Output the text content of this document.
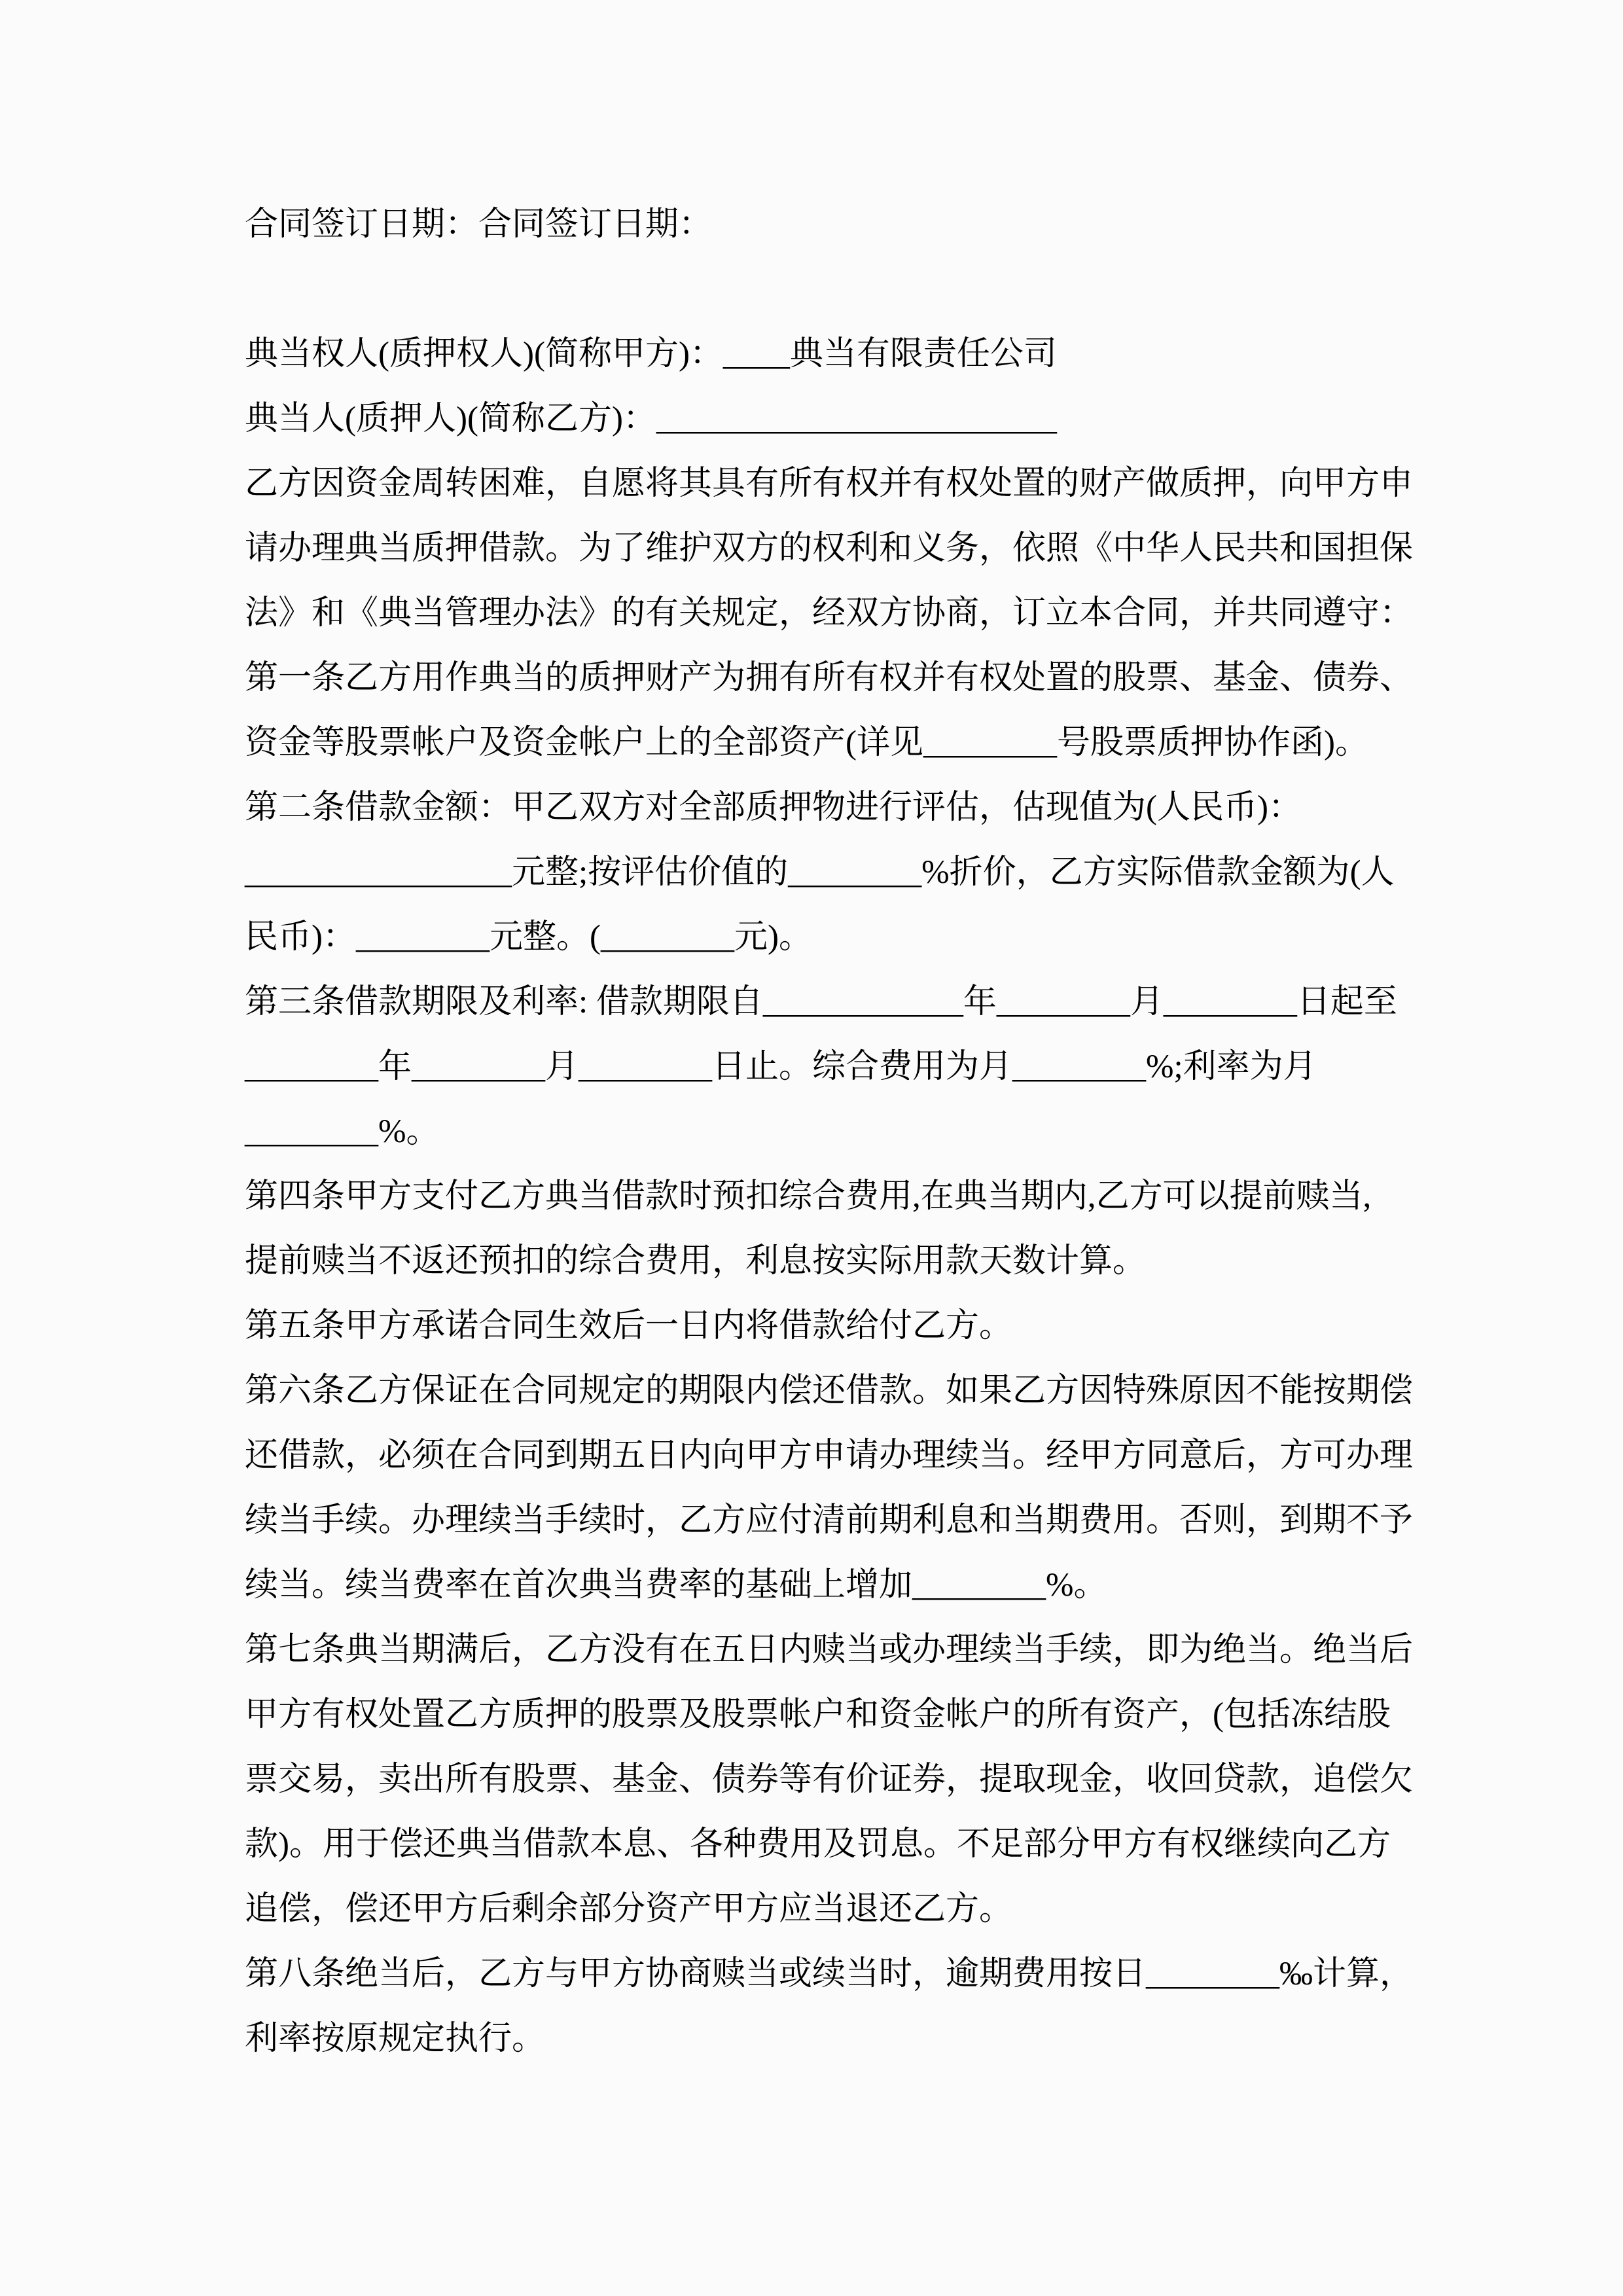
合同签订日期：合同签订日期：
典当权人(质押权人)(简称甲方)：____典当有限责任公司
典当人(质押人)(简称乙方)：________________________
乙方因资金周转困难，自愿将其具有所有权并有权处置的财产做质押，向甲方申
请办理典当质押借款。为了维护双方的权利和义务，依照《中华人民共和国担保
法》和《典当管理办法》的有关规定，经双方协商，订立本合同，并共同遵守：
第一条乙方用作典当的质押财产为拥有所有权并有权处置的股票、基金、债券、
资金等股票帐户及资金帐户上的全部资产(详见________号股票质押协作函)。
第二条借款金额：甲乙双方对全部质押物进行评估，估现值为(人民币)：
________________元整;按评估价值的________%折价，乙方实际借款金额为(人
民币)：________元整。(________元)。
第三条借款期限及利率: 借款期限自____________年________月________日起至
________年________月________日止。综合费用为月________%;利率为月
________%。
第四条甲方支付乙方典当借款时预扣综合费用,在典当期内,乙方可以提前赎当,
提前赎当不返还预扣的综合费用，利息按实际用款天数计算。
第五条甲方承诺合同生效后一日内将借款给付乙方。
第六条乙方保证在合同规定的期限内偿还借款。如果乙方因特殊原因不能按期偿
还借款，必须在合同到期五日内向甲方申请办理续当。经甲方同意后，方可办理
续当手续。办理续当手续时，乙方应付清前期利息和当期费用。否则，到期不予
续当。续当费率在首次典当费率的基础上增加________%。
第七条典当期满后，乙方没有在五日内赎当或办理续当手续，即为绝当。绝当后
甲方有权处置乙方质押的股票及股票帐户和资金帐户的所有资产，(包括冻结股
票交易，卖出所有股票、基金、债券等有价证券，提取现金，收回贷款，追偿欠
款)。用于偿还典当借款本息、各种费用及罚息。不足部分甲方有权继续向乙方
追偿，偿还甲方后剩余部分资产甲方应当退还乙方。
第八条绝当后，乙方与甲方协商赎当或续当时，逾期费用按日________‰计算，
利率按原规定执行。
